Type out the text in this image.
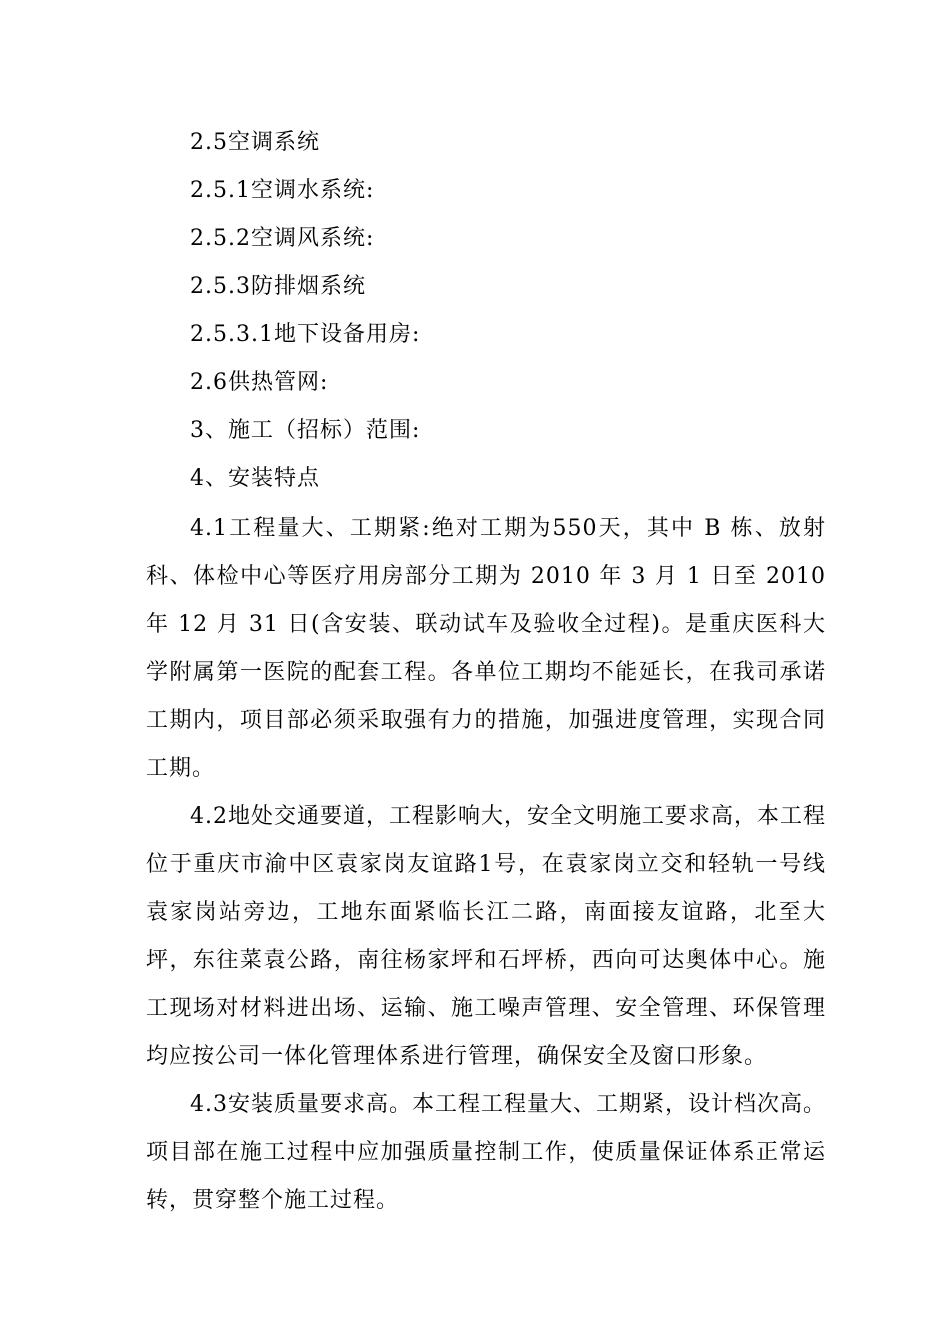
2.5空调系统
2.5.1空调水系统:
2.5.2空调风系统:
2.5.3防排烟系统
2.5.3.1地下设备用房:
2.6供热管网:
3、施工（招标）范围:
4、安装特点
4.1工程量大、工期紧:绝对工期为550天，其中 B 栋、放射科、体检中心等医疗用房部分工期为 2010 年 3 月 1 日至 2010 年 12 月 31 日(含安装、联动试车及验收全过程)。是重庆医科大学附属第一医院的配套工程。各单位工期均不能延长，在我司承诺工期内，项目部必须采取强有力的措施，加强进度管理，实现合同工期。
4.2地处交通要道，工程影响大，安全文明施工要求高，本工程位于重庆市渝中区袁家岗友谊路1号，在袁家岗立交和轻轨一号线袁家岗站旁边，工地东面紧临长江二路，南面接友谊路，北至大坪，东往菜袁公路，南往杨家坪和石坪桥，西向可达奥体中心。施工现场对材料进出场、运输、施工噪声管理、安全管理、环保管理均应按公司一体化管理体系进行管理，确保安全及窗口形象。
4.3安装质量要求高。本工程工程量大、工期紧，设计档次高。项目部在施工过程中应加强质量控制工作，使质量保证体系正常运转，贯穿整个施工过程。
